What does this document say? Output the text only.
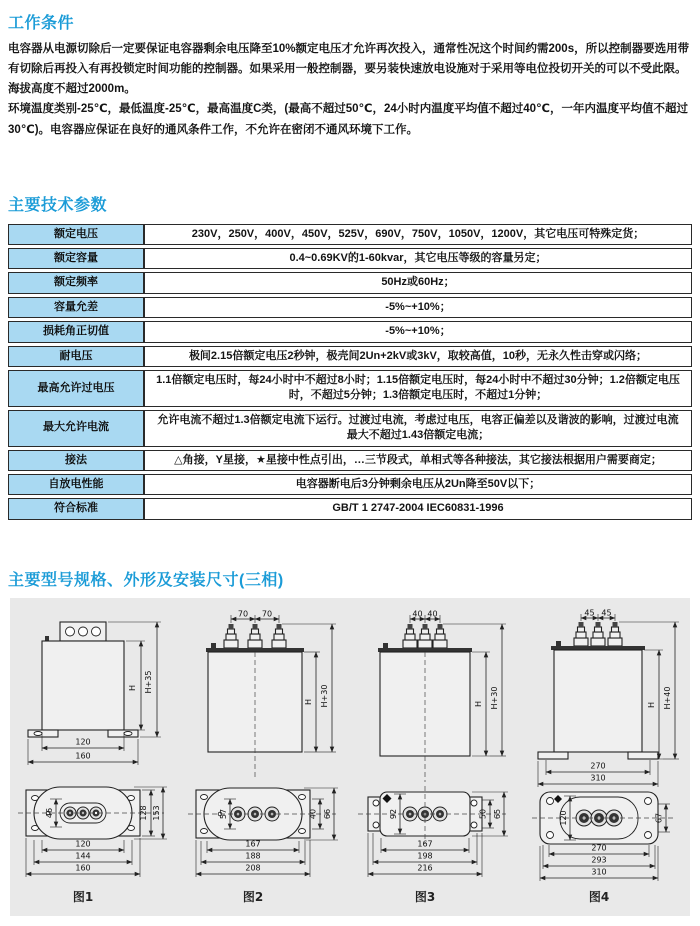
工作条件

电容器从电源切除后一定要保证电容器剩余电压降至10%额定电压才允许再次投入，通常性况这个时间约需200s，所以控制器要选用带有切除后再投入有再投锁定时间功能的控制器。如果采用一般控制器，要另装快速放电设施对于采用等电位投切开关的可以不受此限。

海拔高度不超过2000m。

环境温度类别-25℃，最低温度-25℃，最高温度C类，(最高不超过50℃，24小时内温度平均值不超过40℃，一年内温度平均值不超过30℃)。电容器应保证在良好的通风条件工作，不允许在密闭不通风环境下工作。

主要技术参数
额定电压	230V，250V，400V，450V，525V，690V，750V，1050V，1200V，其它电压可特殊定货；
额定容量	0.4~0.69KV的1-60kvar，其它电压等级的容量另定；
额定频率	50Hz或60Hz；
容量允差	-5%~+10%；
损耗角正切值	-5%~+10%；
耐电压	极间2.15倍额定电压2秒钟，极壳间2Un+2kV或3kV，取较高值，10秒，无永久性击穿或闪络；
最高允许过电压	1.1倍额定电压时，每24小时中不超过8小时；1.15倍额定电压时，每24小时中不超过30分钟；1.2倍额定电压时，不超过5分钟；1.3倍额定电压时，不超过1分钟；
最大允许电流	允许电流不超过1.3倍额定电流下运行。过渡过电流，考虑过电压，电容正偏差以及谐波的影响，过渡过电流最大不超过1.43倍额定电流；
接法	△角接，Y星接，★星接中性点引出，…三节段式，单相式等各种接法，其它接法根据用户需要商定；
自放电性能	电容器断电后3分钟剩余电压从2Un降至50V以下；
符合标准	GB/T 1 2747-2004 IEC60831-1996
主要型号规格、外形及安装尺寸(三相)
H H+35
120
160
46	128 153
120
144
160
图1
70 70
H H+30
57	40 66
167
188
208
图2
40 40
H H+30
92	50 65
167
198
216
图3
45 45
H H+40
270
310
120	67
270
293
310
图4
